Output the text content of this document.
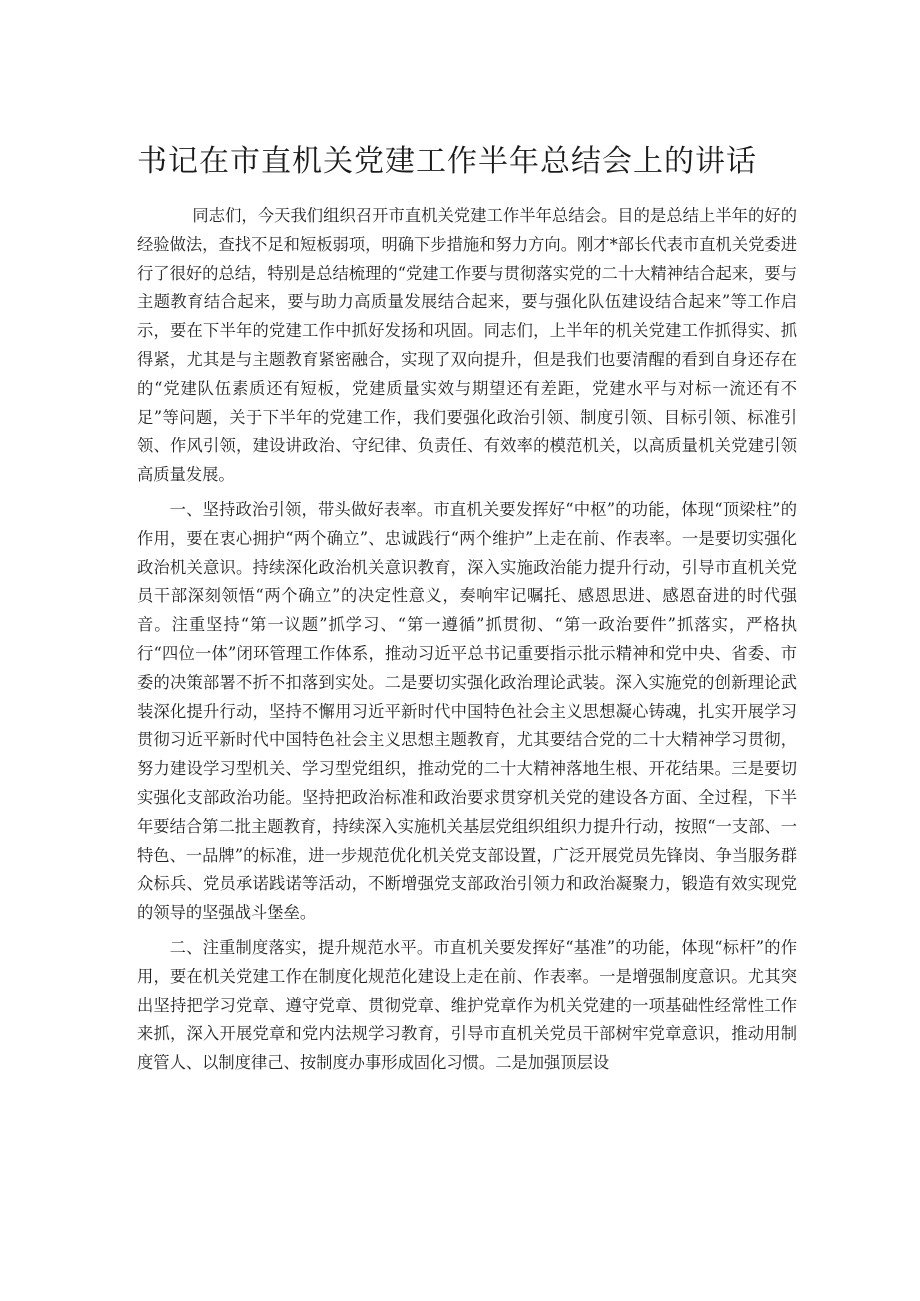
书记在市直机关党建工作半年总结会上的讲话

同志们，今天我们组织召开市直机关党建工作半年总结会。目的是总结上半年的好的经验做法，查找不足和短板弱项，明确下步措施和努力方向。刚才*部长代表市直机关党委进行了很好的总结，特别是总结梳理的“党建工作要与贯彻落实党的二十大精神结合起来，要与主题教育结合起来，要与助力高质量发展结合起来，要与强化队伍建设结合起来”等工作启示，要在下半年的党建工作中抓好发扬和巩固。同志们，上半年的机关党建工作抓得实、抓得紧，尤其是与主题教育紧密融合，实现了双向提升，但是我们也要清醒的看到自身还存在的“党建队伍素质还有短板，党建质量实效与期望还有差距，党建水平与对标一流还有不足”等问题，关于下半年的党建工作，我们要强化政治引领、制度引领、目标引领、标准引领、作风引领，建设讲政治、守纪律、负责任、有效率的模范机关，以高质量机关党建引领高质量发展。

一、坚持政治引领，带头做好表率。市直机关要发挥好“中枢”的功能，体现“顶梁柱”的作用，要在衷心拥护“两个确立”、忠诚践行“两个维护”上走在前、作表率。一是要切实强化政治机关意识。持续深化政治机关意识教育，深入实施政治能力提升行动，引导市直机关党员干部深刻领悟“两个确立”的决定性意义，奏响牢记嘱托、感恩思进、感恩奋进的时代强音。注重坚持“第一议题”抓学习、“第一遵循”抓贯彻、“第一政治要件”抓落实，严格执行“四位一体”闭环管理工作体系，推动习近平总书记重要指示批示精神和党中央、省委、市委的决策部署不折不扣落到实处。二是要切实强化政治理论武装。深入实施党的创新理论武装深化提升行动，坚持不懈用习近平新时代中国特色社会主义思想凝心铸魂，扎实开展学习贯彻习近平新时代中国特色社会主义思想主题教育，尤其要结合党的二十大精神学习贯彻，努力建设学习型机关、学习型党组织，推动党的二十大精神落地生根、开花结果。三是要切实强化支部政治功能。坚持把政治标准和政治要求贯穿机关党的建设各方面、全过程，下半年要结合第二批主题教育，持续深入实施机关基层党组织组织力提升行动，按照“一支部、一特色、一品牌”的标准，进一步规范优化机关党支部设置，广泛开展党员先锋岗、争当服务群众标兵、党员承诺践诺等活动，不断增强党支部政治引领力和政治凝聚力，锻造有效实现党的领导的坚强战斗堡垒。

二、注重制度落实，提升规范水平。市直机关要发挥好“基准”的功能，体现“标杆”的作用，要在机关党建工作在制度化规范化建设上走在前、作表率。一是增强制度意识。尤其突出坚持把学习党章、遵守党章、贯彻党章、维护党章作为机关党建的一项基础性经常性工作来抓，深入开展党章和党内法规学习教育，引导市直机关党员干部树牢党章意识，推动用制度管人、以制度律己、按制度办事形成固化习惯。二是加强顶层设
